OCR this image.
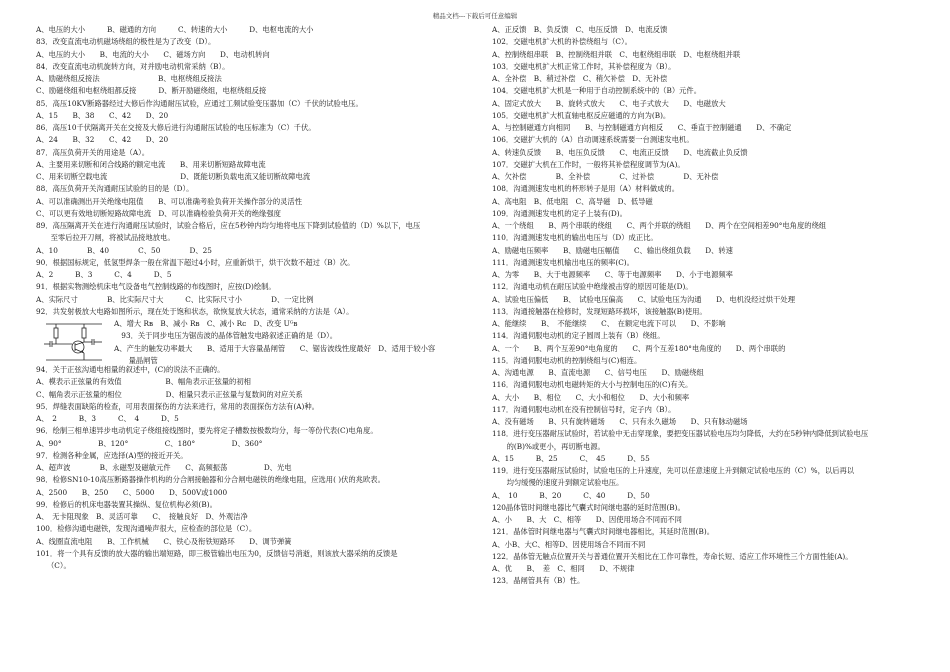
精品文档---下载后可任意编辑
A、电压的大小　　　B、磁通的方向　　　C、转速的大小　　　D、电枢电流的大小
83．改变直流电动机磁场绕组的极性是为了改变（D）。
A、电压的大小　　B、电流的大小　　C、磁场方向　　D、电动机转向
84．改变直流电动机旋转方向，对并励电动机常采纳（B）。
A、励磁绕组反接法　　　　　　　　B、电枢绕组反接法
C、励磁绕组和电枢绕组都反接　　　D、断开励磁绕组，电枢绕组反接
85．高压10KV断路器经过大修后作沟通耐压试验，应通过工频试验变压器加（C）千伏的试验电压。
A、15　　B、38　　C、42　　D、20
86．高压10千伏隔离开关在交接及大修后进行沟通耐压试验的电压标准为（C）千伏。
A、24　　B、32　　C、42　　D、20
87．高压负荷开关的用途是（A）。
A、主要用来切断和闭合线路的额定电流　　B、用来切断短路故障电流
C、用来切断空载电流　　　　　　　　　　D、既能切断负载电流又能切断故障电流
88．高压负荷开关沟通耐压试验的目的是（D）。
A、可以准确测出开关绝缘电阻值　　B、可以准确考验负荷开关操作部分的灵活性
C、可以更有效地切断短路故障电流　D、可以准确检验负荷开关的绝缘强度
89．高压隔离开关在进行沟通耐压试验时，试验合格后，应在5秒钟内均匀地将电压下降到试验值的（D）%以下，电压
　　至零后拉开刀闸，将被试品接地放电。
A、10　　　　B、40　　　　C、50　　　　D、25
90．根据国标规定，低氢型焊条一般在常温下超过4小时，应重新烘干，烘干次数不超过（B）次。
A、2　　　B、3　　　C、4　　　D、5
91．根据实物测绘机床电气设备电气控制线路的布线图时，应按(D)绘制。
A、实际尺寸　　　　B、比实际尺寸大　　　C、比实际尺寸小　　　　D、一定比例
92．共发射极放大电路如图所示，现在处于饱和状态，欲恢复放大状态，通常采纳的方法是（A）。
A、增大 Rʙ　B、减小 Rʙ　C、减小 Rᴄ　D、改变 Uᴳʙ
　93．关于同步电压为锯齿波的晶体管触发电路叙述正确的是（D）。
A、产生的触发功率最大　　B、适用于大容量晶闸管　　C、锯齿波线性度最好　D、适用于较小容
　　量晶闸管
94．关于正弦沟通电相量的叙述中，(C)的说法不正确的。
A、模表示正弦量的有效值　　　　　　B、幅角表示正弦量的初相
C、幅角表示正弦量的相位　　　　　　D、相量只表示正弦量与复数间的对应关系
95．焊缝表面缺陷的检查，可用表面探伤的方法来进行，常用的表面探伤方法有(A)种。
A、　2　　　B、3　　　C、　4　　　D、5
96．绘制三相单速异步电动机定子绕组接线图时，要先将定子槽数按极数均分，每一等份代表(C)电角度。
A、90°　　　　　B、120°　　　　　C、180°　　　　　D、360°
97．检测各种金属，应选择(A)型的接近开关。
A、超声波　　　　B、永磁型及磁敏元件　　C、高频振荡　　　　　D、光电
98．检修SN10-10高压断路器操作机构的分合闸接触器和分合闸电磁铁的绝缘电阻，应选用( )伏的兆欧表。
A、2500　　B、250　　C、5000　　D、500V或1000
99．检修后的机床电器装置其操纵、复位机构必须(B)。
A、　无卡阻现象　B、灵活可靠　　C、　接触良好　D、外观洁净
100．检修沟通电磁铁，发现沟通噪声很大，应检查的部位是（C）。
A、线圈直流电阻　　B、工作机械　　C、铁心及衔铁短路环　　D、调节弹簧
101．将一个具有反馈的放大器的输出端短路，即三极管输出电压为0，反馈信号消逝，则该放大器采纳的反馈是
　　（C）。
A、正反馈　B、负反馈　C、电压反馈　D、电流反馈
102．交磁电机扩大机的补偿绕组与（C）。
A、控制绕组串联　B、控制绕组并联　C、电枢绕组串联　D、电枢绕组并联
103．交磁电机扩大机正常工作时，其补偿程度为（B）。
A、全补偿　B、稍过补偿　C、稍欠补偿　D、无补偿
104．交磁电机扩大机是一种用于自动控制系统中的（B）元件。
A、固定式放大　　B、旋转式放大　　C、电子式放大　　D、电磁放大
105．交磁电机扩大机直轴电枢反应磁通的方向为(B)。
A、与控制磁通方向相同　　B、与控制磁通方向相反　　C、垂直于控制磁通　　D、不确定
106．交磁扩大机的（A）自动调速系统需要一台测速发电机。
A、转速负反馈　　B、电压负反馈　　C、电流正反馈　　D、电流截止负反馈
107．交磁扩大机在工作时，一般将其补偿程度调节为(A)。
A、欠补偿　　　　B、全补偿　　　　C、过补偿　　　　D、无补偿
108．沟通测速发电机的杯形转子是用（A）材料做成的。
A、高电阻　B、低电阻　C、高导磁　D、低导磁
109．沟通测速发电机的定子上装有(D)。
A、一个绕组　　B、两个串联的绕组　　C、两个并联的绕组　　D、两个在空间相差90°电角度的绕组
110．沟通测速发电机的输出电压与（D）成正比。
A、励磁电压频率　　B、励磁电压幅值　　C、输出绕组负载　　D、转速
111．沟通测速发电机输出电压的频率(C)。
A、为零　　B、大于电源频率　　C、等于电源频率　　D、小于电源频率
112．沟通电动机在耐压试验中绝缘被击穿的原因可能是(D)。
A、试验电压偏低　　B、　试验电压偏高　　C、试验电压为沟通　　D、电机没经过烘干处理
113．沟通接触器在检修时，发现短路环损坏，该接触器(B)使用。
A、能继续　　B、　不能继续　　C、　在额定电流下可以　　D、不影响
114．沟通伺服电动机的定子圆周上装有（B）绕组。
A、一个　　B、两个互差90°电角度的　　C、两个互差180°电角度的　　D、两个串联的
115．沟通伺服电动机的控制绕组与(C)相连。
A、沟通电源　　B、直流电源　　C、信号电压　　D、励磁绕组
116．沟通伺服电动机电磁转矩的大小与控制电压的(C)有关。
A、大小　　B、相位　　C、大小和相位　　D、大小和频率
117．沟通伺服电动机在没有控制信号时，定子内（B）。
A、没有磁场　　B、只有旋转磁场　　C、只有永久磁场　　D、只有脉动磁场
118．进行变压器耐压试验时，若试验中无击穿现象，要把变压器试验电压均匀降低，大约在5秒钟内降低到试验电压
　　的(B)%或更小，再切断电源。
A、15　　　B、25　　　C、　45　　　D、55
119．进行变压器耐压试验时，试验电压的上升速度，先可以任意速度上升到额定试验电压的（C）%，以后再以
　　均匀缓慢的速度升到额定试验电压。
A、　10　　　B、20　　　C、40　　　D、50
120晶体管时间继电器比气囊式时间继电器的延时范围(B)。
A、小　　B、大　C、相等　　D、因使用场合不同而不同
121．晶体管时间继电器与气囊式时间继电器相比，其延时范围(B)。
A、小B、大C、相等D、因使用场合不同而不同
122．晶体管无触点位置开关与普通位置开关相比在工作可靠性，寿命长短、适应工作环境性三个方面性能(A)。
A、优　　B、　差　C、相同　　D、不规律
123．晶闸管具有（B）性。
